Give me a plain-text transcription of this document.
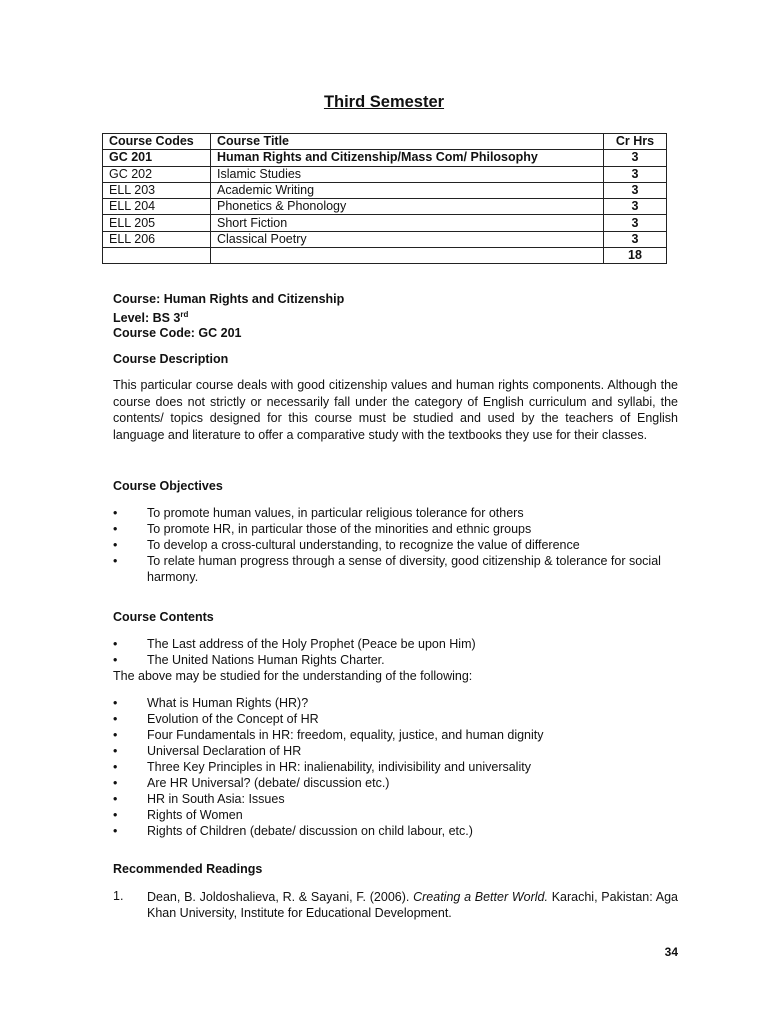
Third Semester
Course Codes	Course Title	Cr Hrs
GC 201	Human Rights and Citizenship/Mass Com/ Philosophy	3
GC 202	Islamic Studies	3
ELL 203	Academic Writing	3
ELL 204	Phonetics & Phonology	3
ELL 205	Short Fiction	3
ELL 206	Classical Poetry	3
		18
Course: Human Rights and Citizenship
Level: BS 3rd
Course Code: GC 201
Course Description
This particular course deals with good citizenship values and human rights components. Although the course does not strictly or necessarily fall under the category of English curriculum and syllabi, the contents/ topics designed for this course must be studied and used by the teachers of English language and literature to offer a comparative study with the textbooks they use for their classes.
Course Objectives
• To promote human values, in particular religious tolerance for others
• To promote HR, in particular those of the minorities and ethnic groups
• To develop a cross-cultural understanding, to recognize the value of difference
• To relate human progress through a sense of diversity, good citizenship & tolerance for social harmony.
Course Contents
• The Last address of the Holy Prophet (Peace be upon Him)
• The United Nations Human Rights Charter.
The above may be studied for the understanding of the following:
• What is Human Rights (HR)?
• Evolution of the Concept of HR
• Four Fundamentals in HR: freedom, equality, justice, and human dignity
• Universal Declaration of HR
• Three Key Principles in HR: inalienability, indivisibility and universality
• Are HR Universal? (debate/ discussion etc.)
• HR in South Asia: Issues
• Rights of Women
• Rights of Children (debate/ discussion on child labour, etc.)
Recommended Readings
1. Dean, B. Joldoshalieva, R. & Sayani, F. (2006). Creating a Better World. Karachi, Pakistan: Aga Khan University, Institute for Educational Development.
34
